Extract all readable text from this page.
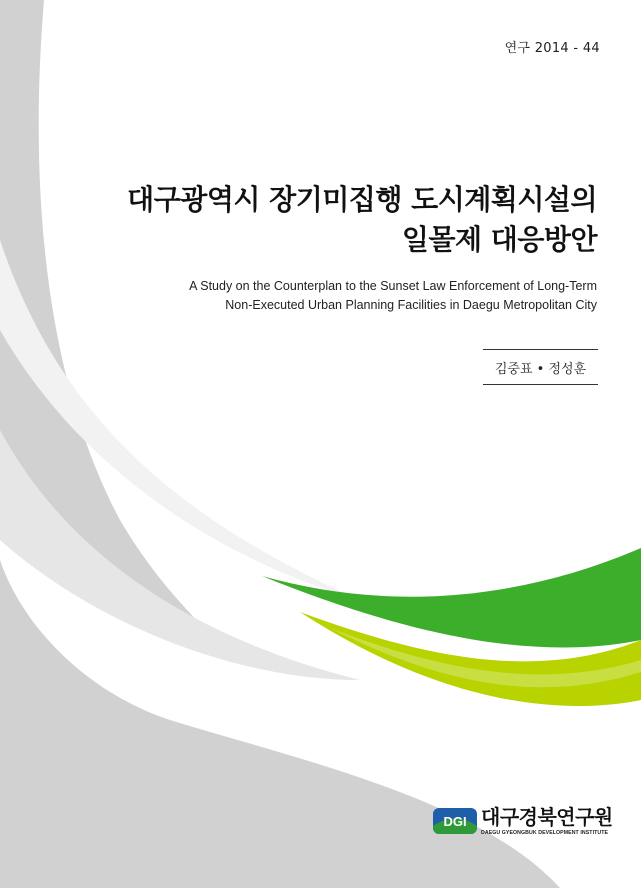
연구 2014 - 44
대구광역시 장기미집행 도시계획시설의
일몰제 대응방안
A Study on the Counterplan to the Sunset Law Enforcement of Long-Term
Non-Executed Urban Planning Facilities in Daegu Metropolitan City
김중표 • 정성훈
DGI 대구경북연구원
DAEGU GYEONGBUK DEVELOPMENT INSTITUTE
